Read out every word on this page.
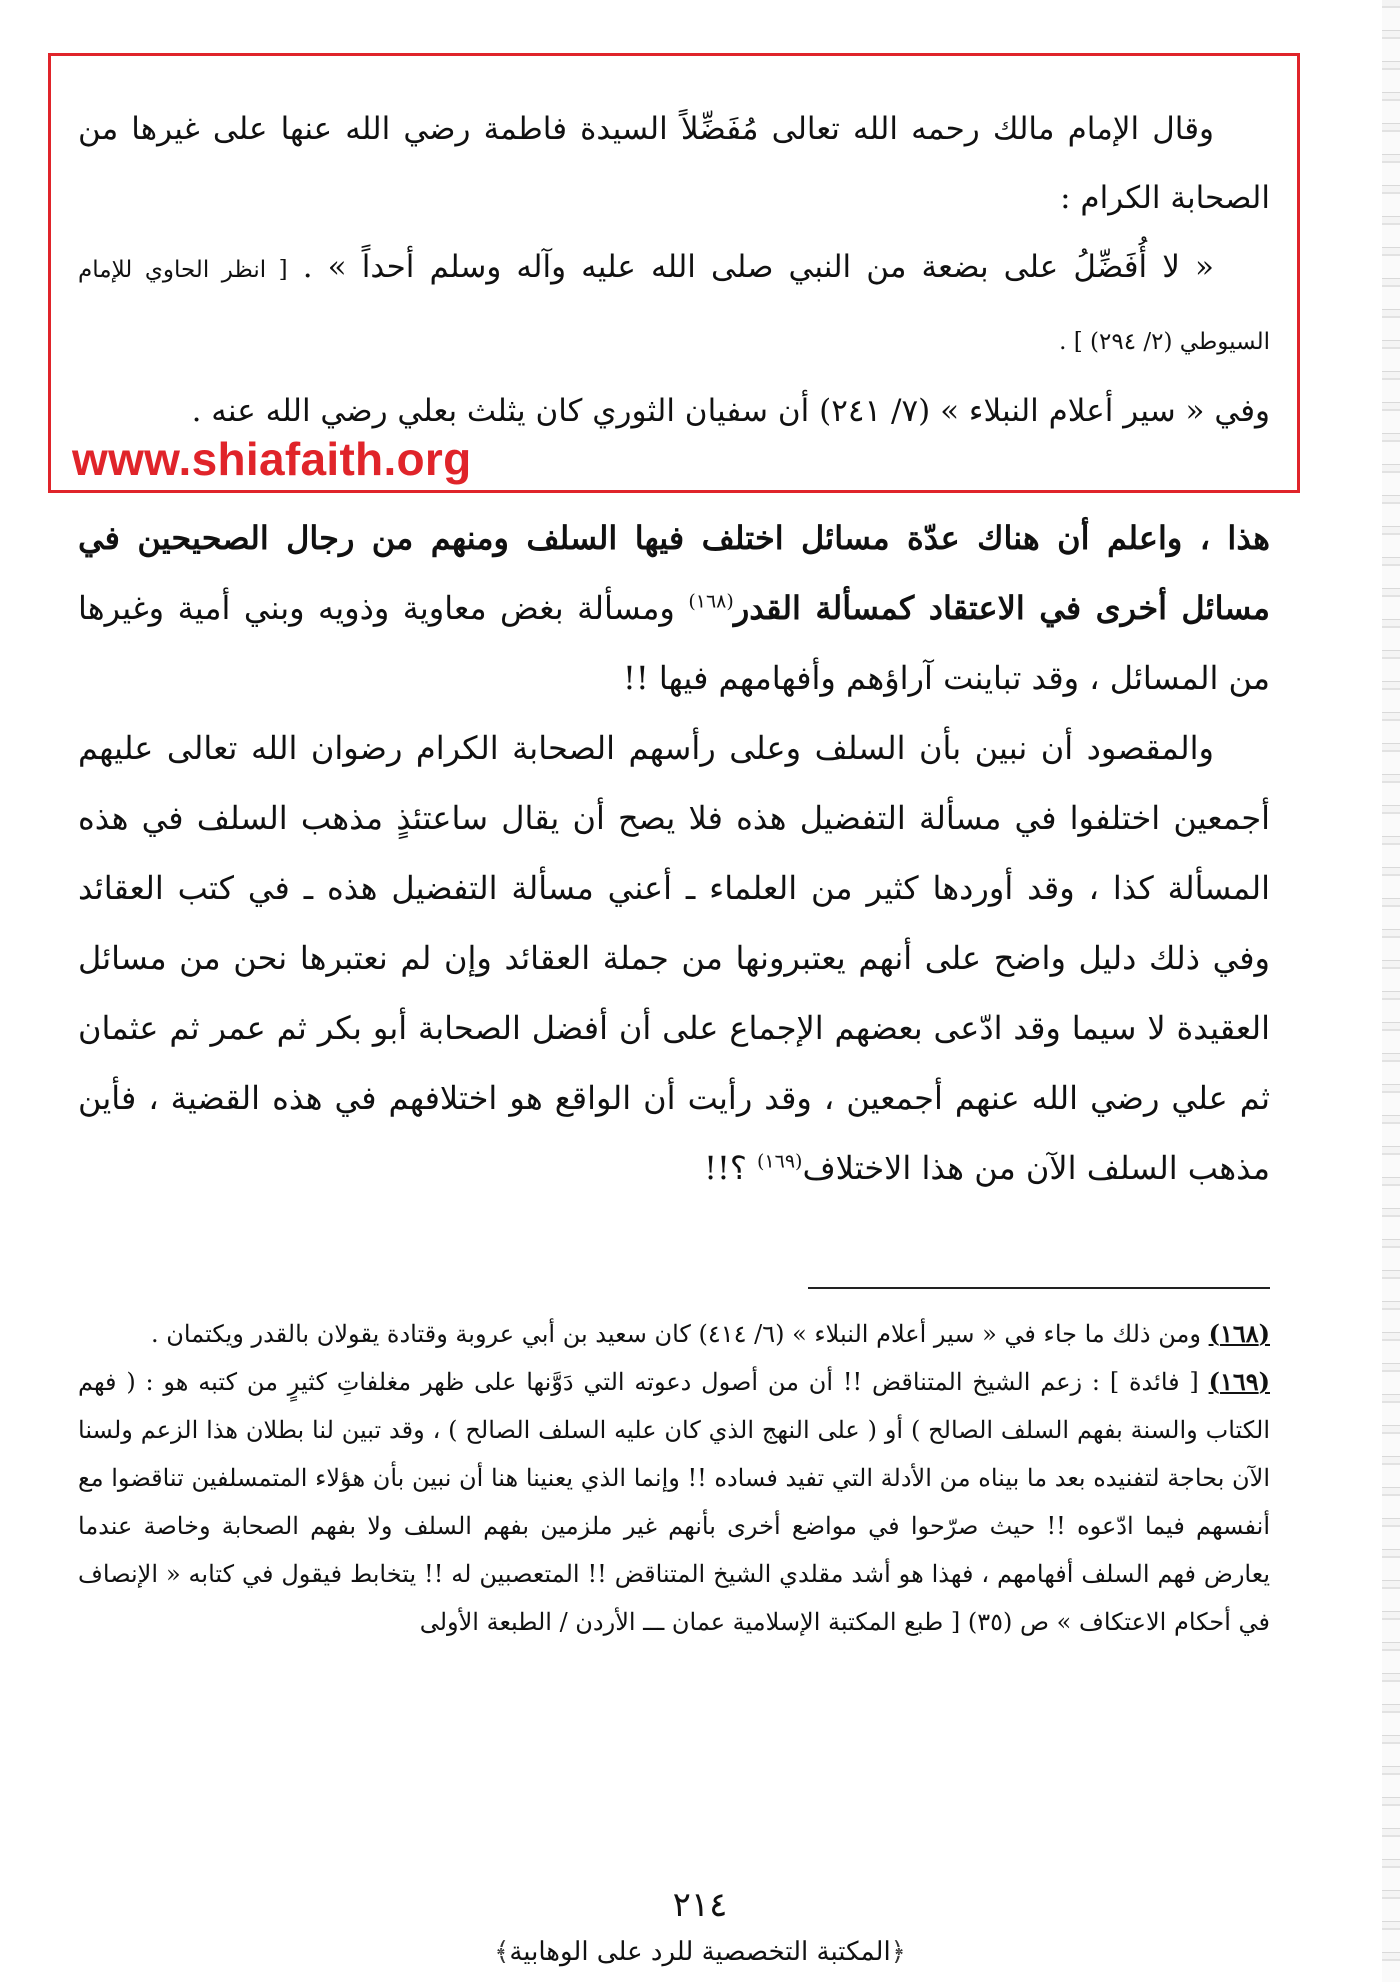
وقال الإمام مالك رحمه الله تعالى مُفَضِّلاً السيدة فاطمة رضي الله عنها على غيرها من الصحابة الكرام :

« لا أُفَضِّلُ على بضعة من النبي صلى الله عليه وآله وسلم أحداً » . [ انظر الحاوي للإمام السيوطي (٢/ ٢٩٤) ] .

وفي « سير أعلام النبلاء » (٧/ ٢٤١) أن سفيان الثوري كان يثلث بعلي رضي الله عنه .

www.shiafaith.org

هذا ، واعلم أن هناك عدّة مسائل اختلف فيها السلف ومنهم من رجال الصحيحين في مسائل أخرى في الاعتقاد كمسألة القدر$^{(١٦٨)}$ ومسألة بغض معاوية وذويه وبني أمية وغيرها من المسائل ، وقد تباينت آراؤهم وأفهامهم فيها !!

والمقصود أن نبين بأن السلف وعلى رأسهم الصحابة الكرام رضوان الله تعالى عليهم أجمعين اختلفوا في مسألة التفضيل هذه فلا يصح أن يقال ساعتئذٍ مذهب السلف في هذه المسألة كذا ، وقد أوردها كثير من العلماء ـ أعني مسألة التفضيل هذه ـ في كتب العقائد وفي ذلك دليل واضح على أنهم يعتبرونها من جملة العقائد وإن لم نعتبرها نحن من مسائل العقيدة لا سيما وقد ادّعى بعضهم الإجماع على أن أفضل الصحابة أبو بكر ثم عمر ثم عثمان ثم علي رضي الله عنهم أجمعين ، وقد رأيت أن الواقع هو اختلافهم في هذه القضية ، فأين مذهب السلف الآن من هذا الاختلاف$^{(١٦٩)}$ ؟!!

(١٦٨) ومن ذلك ما جاء في « سير أعلام النبلاء » (٦/ ٤١٤) كان سعيد بن أبي عروبة وقتادة يقولان بالقدر ويكتمان .

(١٦٩) [ فائدة ] : زعم الشيخ المتناقض !! أن من أصول دعوته التي دَوَّنها على ظهر مغلفاتِ كثيرٍ من كتبه هو : ( فهم الكتاب والسنة بفهم السلف الصالح ) أو ( على النهج الذي كان عليه السلف الصالح ) ، وقد تبين لنا بطلان هذا الزعم ولسنا الآن بحاجة لتفنيده بعد ما بيناه من الأدلة التي تفيد فساده !! وإنما الذي يعنينا هنا أن نبين بأن هؤلاء المتمسلفين تناقضوا مع أنفسهم فيما ادّعوه !! حيث صرّحوا في مواضع أخرى بأنهم غير ملزمين بفهم السلف ولا بفهم الصحابة وخاصة عندما يعارض فهم السلف أفهامهم ، فهذا هو أشد مقلدي الشيخ المتناقض !! المتعصبين له !! يتخابط فيقول في كتابه « الإنصاف في أحكام الاعتكاف » ص (٣٥) [ طبع المكتبة الإسلامية عمان ـــ الأردن / الطبعة الأولى

٢١٤
﴿المكتبة التخصصية للرد على الوهابية﴾
